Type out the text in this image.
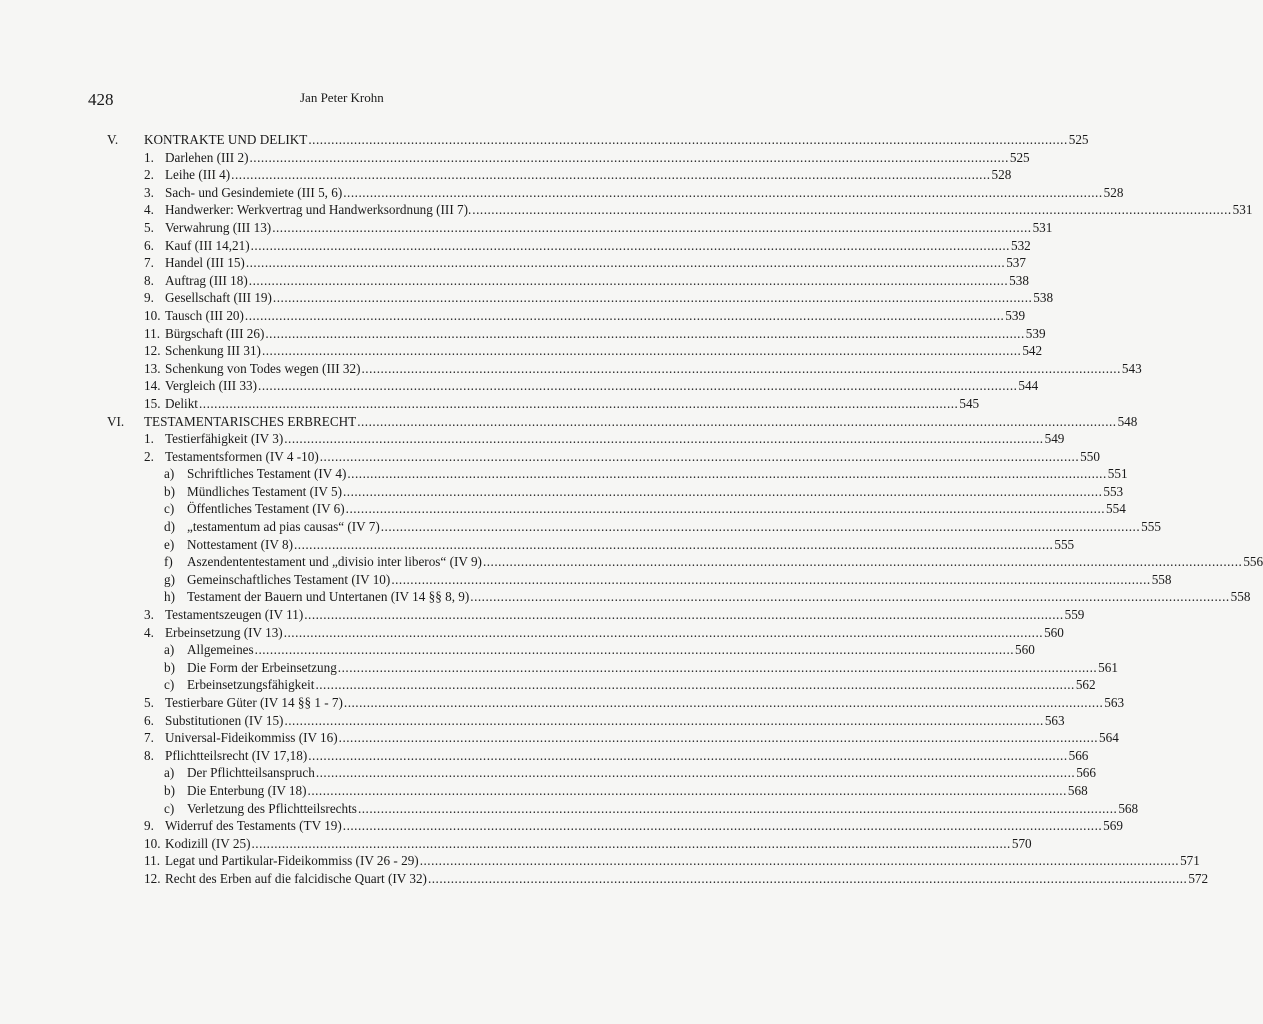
428	Jan Peter Krohn
V. KONTRAKTE UND DELIKT ........................................................................................................................................................................................................ 525
1. Darlehen (III 2) ........................................................................................................................................................................................................ 525
2. Leihe (III 4) ........................................................................................................................................................................................................ 528
3. Sach- und Gesindemiete (III 5, 6) ........................................................................................................................................................................................................ 528
4. Handwerker: Werkvertrag und Handwerksordnung (III 7). ........................................................................................................................................................................................................ 531
5. Verwahrung (III 13) ........................................................................................................................................................................................................ 531
6. Kauf (III 14,21) ........................................................................................................................................................................................................ 532
7. Handel (III 15) ........................................................................................................................................................................................................ 537
8. Auftrag (III 18) ........................................................................................................................................................................................................ 538
9. Gesellschaft (III 19) ........................................................................................................................................................................................................ 538
10. Tausch (III 20) ........................................................................................................................................................................................................ 539
11. Bürgschaft (III 26) ........................................................................................................................................................................................................ 539
12. Schenkung III 31) ........................................................................................................................................................................................................ 542
13. Schenkung von Todes wegen (III 32) ........................................................................................................................................................................................................ 543
14. Vergleich (III 33) ........................................................................................................................................................................................................ 544
15. Delikt ........................................................................................................................................................................................................ 545
VI. TESTAMENTARISCHES ERBRECHT ........................................................................................................................................................................................................ 548
1. Testierfähigkeit (IV 3) ........................................................................................................................................................................................................ 549
2. Testamentsformen (IV 4 -10) ........................................................................................................................................................................................................ 550
a) Schriftliches Testament (IV 4) ........................................................................................................................................................................................................ 551
b) Mündliches Testament (IV 5) ........................................................................................................................................................................................................ 553
c) Öffentliches Testament (IV 6) ........................................................................................................................................................................................................ 554
d) „testamentum ad pias causas“ (IV 7) ........................................................................................................................................................................................................ 555
e) Nottestament (IV 8) ........................................................................................................................................................................................................ 555
f) Aszendententestament und „divisio inter liberos“ (IV 9) ........................................................................................................................................................................................................ 556
g) Gemeinschaftliches Testament (IV 10) ........................................................................................................................................................................................................ 558
h) Testament der Bauern und Untertanen (IV 14 §§ 8, 9) ........................................................................................................................................................................................................ 558
3. Testamentszeugen (IV 11) ........................................................................................................................................................................................................ 559
4. Erbeinsetzung (IV 13) ........................................................................................................................................................................................................ 560
a) Allgemeines ........................................................................................................................................................................................................ 560
b) Die Form der Erbeinsetzung ........................................................................................................................................................................................................ 561
c) Erbeinsetzungsfähigkeit ........................................................................................................................................................................................................ 562
5. Testierbare Güter (IV 14 §§ 1 - 7) ........................................................................................................................................................................................................ 563
6. Substitutionen (IV 15) ........................................................................................................................................................................................................ 563
7. Universal-Fideikommiss (IV 16) ........................................................................................................................................................................................................ 564
8. Pflichtteilsrecht (IV 17,18) ........................................................................................................................................................................................................ 566
a) Der Pflichtteilsanspruch ........................................................................................................................................................................................................ 566
b) Die Enterbung (IV 18) ........................................................................................................................................................................................................ 568
c) Verletzung des Pflichtteilsrechts ........................................................................................................................................................................................................ 568
9. Widerruf des Testaments (TV 19) ........................................................................................................................................................................................................ 569
10. Kodizill (IV 25) ........................................................................................................................................................................................................ 570
11. Legat und Partikular-Fideikommiss (IV 26 - 29) ........................................................................................................................................................................................................ 571
12. Recht des Erben auf die falcidische Quart (IV 32) ........................................................................................................................................................................................................ 572
